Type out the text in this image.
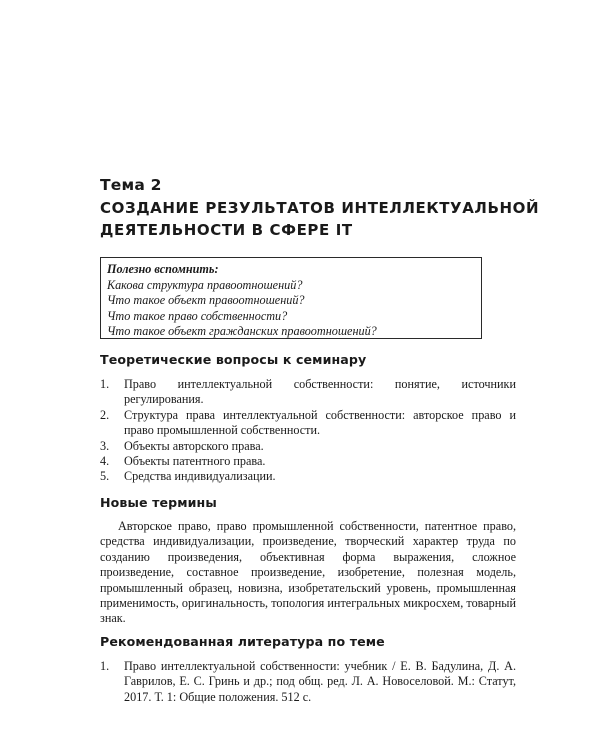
Тема 2
СОЗДАНИЕ РЕЗУЛЬТАТОВ ИНТЕЛЛЕКТУАЛЬНОЙ
ДЕЯТЕЛЬНОСТИ В СФЕРЕ IT
Полезно вспомнить:
Какова структура правоотношений?
Что такое объект правоотношений?
Что такое право собственности?
Что такое объект гражданских правоотношений?
Теоретические вопросы к семинару
1. Право интеллектуальной собственности: понятие, источники регулирования.
2. Структура права интеллектуальной собственности: авторское право и право промышленной собственности.
3. Объекты авторского права.
4. Объекты патентного права.
5. Средства индивидуализации.
Новые термины

Авторское право, право промышленной собственности, патентное право, средства индивидуализации, произведение, творческий характер труда по созданию произведения, объективная форма выражения, сложное произведение, составное произведение, изобретение, полезная модель, промышленный образец, новизна, изобретательский уровень, промышленная применимость, оригинальность, топология интегральных микросхем, товарный знак.

Рекомендованная литература по теме
1. Право интеллектуальной собственности: учебник / Е. В. Бадулина, Д. А. Гаврилов, Е. С. Гринь и др.; под общ. ред. Л. А. Новоселовой. М.: Статут, 2017. Т. 1: Общие положения. 512 с.
